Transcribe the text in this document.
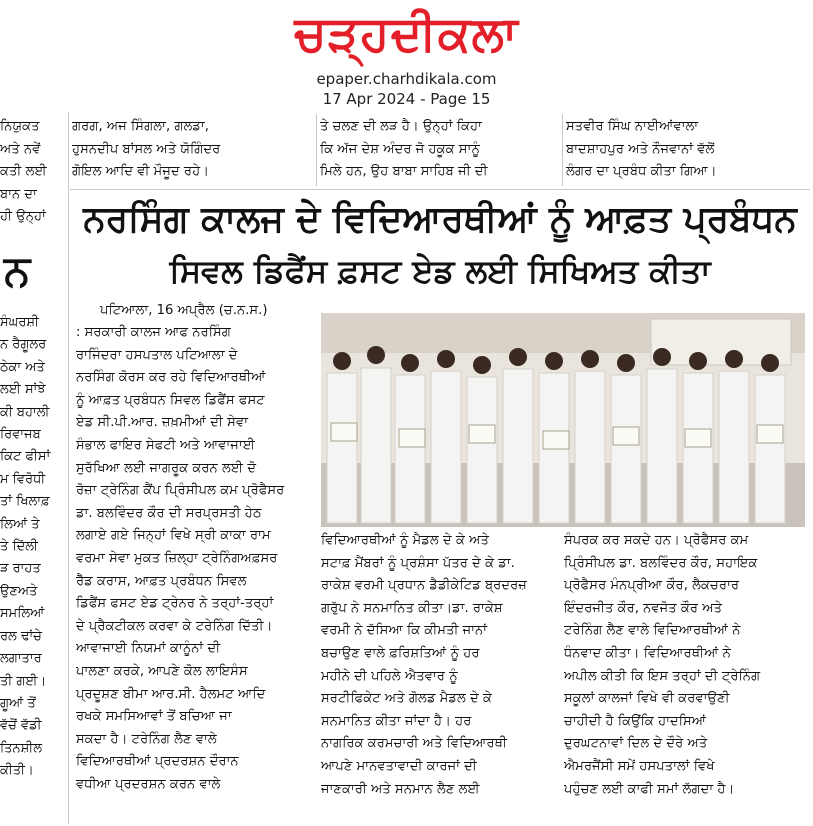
ਚੜ੍ਹਦੀਕਲਾ
epaper.charhdikala.com
17 Apr 2024 - Page 15

ਨਿਯੁਕਤ

ਅਤੇ ਨਵੇਂ

ਕਤੀ ਲਈ

ਬਾਨ ਦਾ

ਹੀ ਉਨ੍ਹਾਂ

ਨ

ਸੰਘਰਸ਼ੀ

ਨ ਰੈਗੂਲਰ

ਠੇਕਾ ਅਤੇ

ਲਈ ਸਾਂਝੇ

ਕੀ ਬਹਾਲੀ

ਰਿਵਾਜਬ

ਕਿਟ ਫੀਸਾਂ

ਮ ਵਿਰੋਧੀ

ਤਾਂ ਖਿਲਾਫ਼

ਲਿਆਂ ਤੇ

ਤੇ ਦਿੱਲੀ

ੜ ਰਾਹਤ

ਉਣਅਤੇ

ਸਮਲਿਆਂ

ਰਲ ਢਾਂਚੇ

ਲਗਾਤਾਰ

ਤੀ ਗਈ।

ਗੂਆਂ ਤੋਂ

ਵੱਚੋਂ ਵੱਡੀ

ਤਿਨਸ਼ੀਲ

ਕੀਤੀ।

ਗਰਗ, ਅਜ ਸਿੰਗਲਾ, ਗਲਡਾ,

ਹੁਸਨਦੀਪ ਬਾਂਸਲ ਅਤੇ ਯੋਗਿੰਦਰ

ਗੋਇਲ ਆਦਿ ਵੀ ਮੌਜੂਦ ਰਹੇ।

ਤੇ ਚਲਣ ਦੀ ਲੜ ਹੈ। ਉਨ੍ਹਾਂ ਕਿਹਾ

ਕਿ ਅੱਜ ਦੇਸ਼ ਅੰਦਰ ਜੋ ਹਕੂਕ ਸਾਨੂੰ

ਮਿਲੇ ਹਨ, ਉਹ ਬਾਬਾ ਸਾਹਿਬ ਜੀ ਦੀ

ਸਤਵੀਰ ਸਿੰਘ ਨਾਈਆਂਵਾਲਾ

ਬਾਦਸ਼ਾਹਪੁਰ ਅਤੇ ਨੌਜਵਾਨਾਂ ਵੱਲੋਂ

ਲੰਗਰ ਦਾ ਪ੍ਰਬੰਧ ਕੀਤਾ ਗਿਆ।

ਨਰਸਿੰਗ ਕਾਲਜ ਦੇ ਵਿਦਿਆਰਥੀਆਂ ਨੂੰ ਆਫ਼ਤ ਪ੍ਰਬੰਧਨ
ਸਿਵਲ ਡਿਫੈਂਸ ਫ਼ਸਟ ਏਡ ਲਈ ਸਿਖਿਅਤ ਕੀਤਾ

ਪਟਿਆਲਾ, 16 ਅਪ੍ਰੈਲ (ਚ.ਨ.ਸ.)

: ਸਰਕਾਰੀ ਕਾਲਜ ਆਫ ਨਰਸਿੰਗ

ਰਾਜਿੰਦਰਾ ਹਸਪਤਾਲ ਪਟਿਆਲਾ ਦੇ

ਨਰਸਿੰਗ ਕੋਰਸ ਕਰ ਰਹੇ ਵਿਦਿਆਰਥੀਆਂ

ਨੂੰ ਆਫ਼ਤ ਪ੍ਰਬੰਧਨ ਸਿਵਲ ਡਿਫੈਂਸ ਫਸਟ

ਏਡ ਸੀ.ਪੀ.ਆਰ. ਜ਼ਖ਼ਮੀਆਂ ਦੀ ਸੇਵਾ

ਸੰਭਾਲ ਫਾਇਰ ਸੇਫਟੀ ਅਤੇ ਆਵਾਜਾਈ

ਸੁਰੱਖਿਆ ਲਈ ਜਾਗਰੂਕ ਕਰਨ ਲਈ ਦੋ

ਰੋਜ਼ਾ ਟ੍ਰੇਨਿੰਗ ਕੈਂਪ ਪ੍ਰਿੰਸੀਪਲ ਕਮ ਪ੍ਰੋਫੈਸਰ

ਡਾ. ਬਲਵਿੰਦਰ ਕੌਰ ਦੀ ਸਰਪ੍ਰਸਤੀ ਹੇਠ

ਲਗਾਏ ਗਏ ਜਿਨ੍ਹਾਂ ਵਿਖੇ ਸ੍ਰੀ ਕਾਕਾ ਰਾਮ

ਵਰਮਾ ਸੇਵਾ ਮੁਕਤ ਜ਼ਿਲ੍ਹਾ ਟ੍ਰੇਨਿੰਗਅਫ਼ਸਰ

ਰੈੱਡ ਕਰਾਸ, ਆਫ਼ਤ ਪ੍ਰਬੰਧਨ ਸਿਵਲ

ਡਿਫੈਂਸ ਫਸਟ ਏਡ ਟ੍ਰੇਨਰ ਨੇ ਤਰ੍ਹਾਂ-ਤਰ੍ਹਾਂ

ਦੇ ਪ੍ਰੈਕਟੀਕਲ ਕਰਵਾ ਕੇ ਟਰੇਨਿੰਗ ਦਿੱਤੀ।

ਆਵਾਜਾਈ ਨਿਯਮਾਂ ਕਾਨੂੰਨਾਂ ਦੀ

ਪਾਲਣਾ ਕਰਕੇ, ਆਪਣੇ ਕੋਲ ਲਾਇਸੰਸ

ਪ੍ਰਦੂਸ਼ਣ ਬੀਮਾ ਆਰ.ਸੀ. ਹੈਲਮਟ ਆਦਿ

ਰਖਕੇ ਸਮਸਿਆਵਾਂ ਤੋਂ ਬਚਿਆ ਜਾ

ਸਕਦਾ ਹੈ। ਟਰੇਨਿੰਗ ਲੈਣ ਵਾਲੇ

ਵਿਦਿਆਰਥੀਆਂ ਪ੍ਰਦਰਸ਼ਨ ਦੌਰਾਨ

ਵਧੀਆ ਪ੍ਰਦਰਸ਼ਨ ਕਰਨ ਵਾਲੇ

ਵਿਦਿਆਰਥੀਆਂ ਨੂੰ ਮੈਡਲ ਦੇ ਕੇ ਅਤੇ

ਸਟਾਫ਼ ਮੈਂਬਰਾਂ ਨੂੰ ਪ੍ਰਸ਼ੰਸਾ ਪੱਤਰ ਦੇ ਕੇ ਡਾ.

ਰਾਕੇਸ਼ ਵਰਮੀ ਪ੍ਰਧਾਨ ਡੈਡੀਕੇਟਿਡ ਬ੍ਰਦਰਜ਼

ਗਰੁੱਪ ਨੇ ਸਨਮਾਨਿਤ ਕੀਤਾ।ਡਾ. ਰਾਕੇਸ਼

ਵਰਮੀ ਨੇ ਦੱਸਿਆ ਕਿ ਕੀਮਤੀ ਜਾਨਾਂ

ਬਚਾਉਣ ਵਾਲੇ ਫ਼ਰਿਸ਼ਤਿਆਂ ਨੂੰ ਹਰ

ਮਹੀਨੇ ਦੀ ਪਹਿਲੇ ਐਤਵਾਰ ਨੂੰ

ਸਰਟੀਫਿਕੇਟ ਅਤੇ ਗੋਲਡ ਮੈਡਲ ਦੇ ਕੇ

ਸਨਮਾਨਿਤ ਕੀਤਾ ਜਾਂਦਾ ਹੈ। ਹਰ

ਨਾਗਰਿਕ ਕਰਮਚਾਰੀ ਅਤੇ ਵਿਦਿਆਰਥੀ

ਆਪਣੇ ਮਾਨਵਤਾਵਾਦੀ ਕਾਰਜਾਂ ਦੀ

ਜਾਣਕਾਰੀ ਅਤੇ ਸਨਮਾਨ ਲੈਣ ਲਈ

ਸੰਪਰਕ ਕਰ ਸਕਦੇ ਹਨ। ਪ੍ਰੋਫੈਸਰ ਕਮ

ਪ੍ਰਿੰਸੀਪਲ ਡਾ. ਬਲਵਿੰਦਰ ਕੌਰ, ਸਹਾਇਕ

ਪ੍ਰੋਫੈਸਰ ਮੰਨਪ੍ਰੀਆ ਕੌਰ, ਲੈਕਚਰਾਰ

ਇੰਦਰਜੀਤ ਕੌਰ, ਨਵਜੋਤ ਕੌਰ ਅਤੇ

ਟਰੇਨਿੰਗ ਲੈਣ ਵਾਲੇ ਵਿਦਿਆਰਥੀਆਂ ਨੇ

ਧੰਨਵਾਦ ਕੀਤਾ। ਵਿਦਿਆਰਥੀਆਂ ਨੇ

ਅਪੀਲ ਕੀਤੀ ਕਿ ਇਸ ਤਰ੍ਹਾਂ ਦੀ ਟ੍ਰੇਨਿੰਗ

ਸਕੂਲਾਂ ਕਾਲਜਾਂ ਵਿਖੇ ਵੀ ਕਰਵਾਉਣੀ

ਚਾਹੀਦੀ ਹੈ ਕਿਉਂਕਿ ਹਾਦਸਿਆਂ

ਦੁਰਘਟਨਾਵਾਂ ਦਿਲ ਦੇ ਦੌਰੇ ਅਤੇ

ਐਮਰਜੈਂਸੀ ਸਮੇਂ ਹਸਪਤਾਲਾਂ ਵਿਖੇ

ਪਹੁੰਚਣ ਲਈ ਕਾਫੀ ਸਮਾਂ ਲੱਗਦਾ ਹੈ।
